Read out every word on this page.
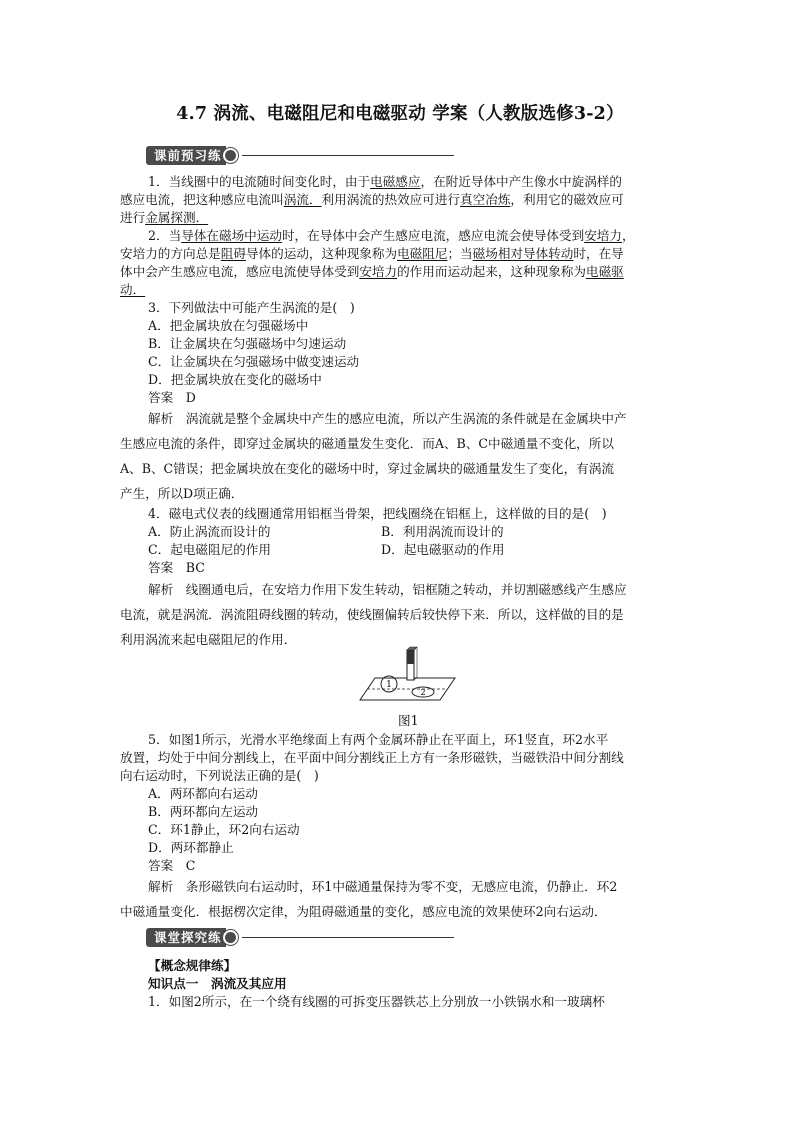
4.7 涡流、电磁阻尼和电磁驱动 学案（人教版选修3-2）
课前预习练
1．当线圈中的电流随时间变化时，由于电磁感应，在附近导体中产生像水中旋涡样的
感应电流，把这种感应电流叫涡流．利用涡流的热效应可进行真空冶炼，利用它的磁效应可
进行金属探测．
2．当导体在磁场中运动时，在导体中会产生感应电流，感应电流会使导体受到安培力，
安培力的方向总是阻碍导体的运动，这种现象称为电磁阻尼；当磁场相对导体转动时，在导
体中会产生感应电流，感应电流使导体受到安培力的作用而运动起来，这种现象称为电磁驱
动．
3．下列做法中可能产生涡流的是(　)
A．把金属块放在匀强磁场中
B．让金属块在匀强磁场中匀速运动
C．让金属块在匀强磁场中做变速运动
D．把金属块放在变化的磁场中
答案　D
解析　涡流就是整个金属块中产生的感应电流，所以产生涡流的条件就是在金属块中产
生感应电流的条件，即穿过金属块的磁通量发生变化．而A、B、C中磁通量不变化，所以
A、B、C错误；把金属块放在变化的磁场中时，穿过金属块的磁通量发生了变化，有涡流
产生，所以D项正确．
4．磁电式仪表的线圈通常用铝框当骨架，把线圈绕在铝框上，这样做的目的是(　)
A．防止涡流而设计的	B．利用涡流而设计的
C．起电磁阻尼的作用	D．起电磁驱动的作用
答案　BC
解析　线圈通电后，在安培力作用下发生转动，铝框随之转动，并切割磁感线产生感应
电流，就是涡流．涡流阻碍线圈的转动，使线圈偏转后较快停下来．所以，这样做的目的是
利用涡流来起电磁阻尼的作用．
1
2
图1
5．如图1所示，光滑水平绝缘面上有两个金属环静止在平面上，环1竖直，环2水平
放置，均处于中间分割线上，在平面中间分割线正上方有一条形磁铁，当磁铁沿中间分割线
向右运动时，下列说法正确的是(　)
A．两环都向右运动
B．两环都向左运动
C．环1静止，环2向右运动
D．两环都静止
答案　C
解析　条形磁铁向右运动时，环1中磁通量保持为零不变，无感应电流，仍静止．环2
中磁通量变化．根据楞次定律，为阻碍磁通量的变化，感应电流的效果使环2向右运动．
课堂探究练
【概念规律练】
知识点一　涡流及其应用
1．如图2所示，在一个绕有线圈的可拆变压器铁芯上分别放一小铁锅水和一玻璃杯
